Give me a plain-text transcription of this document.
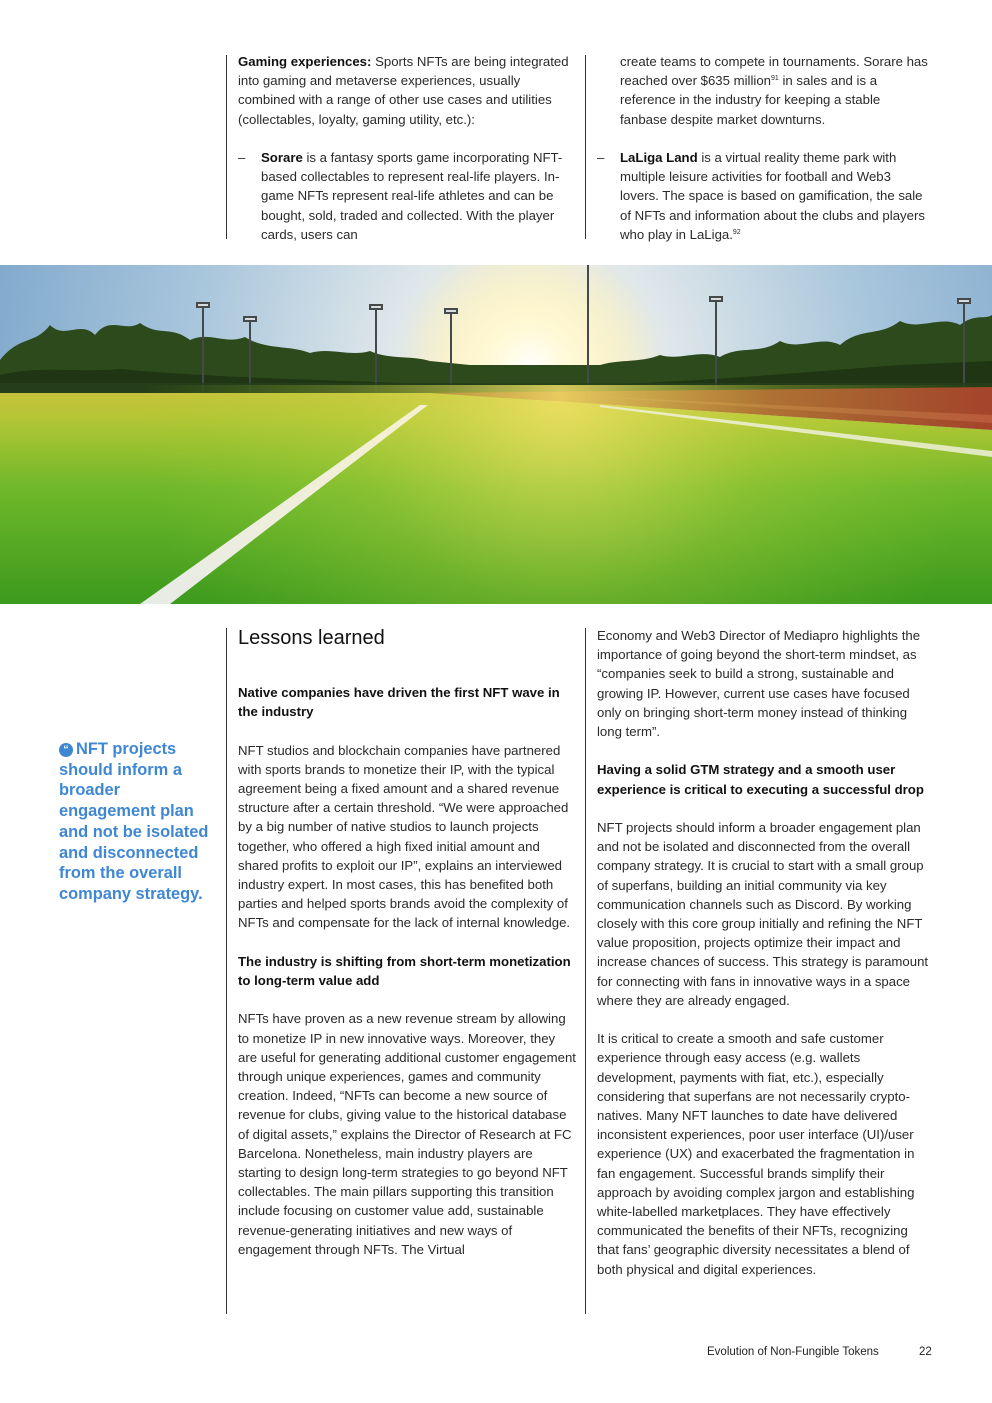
Gaming experiences: Sports NFTs are being integrated into gaming and metaverse experiences, usually combined with a range of other use cases and utilities (collectables, loyalty, gaming utility, etc.):

–	Sorare is a fantasy sports game incorporating NFT-based collectables to represent real-life players. In-game NFTs represent real-life athletes and can be bought, sold, traded and collected. With the player cards, users can

create teams to compete in tournaments. Sorare has reached over $635 million$^{91}$ in sales and is a reference in the industry for keeping a stable fanbase despite market downturns.

–	LaLiga Land is a virtual reality theme park with multiple leisure activities for football and Web3 lovers. The space is based on gamification, the sale of NFTs and information about the clubs and players who play in LaLiga.$^{92}$

“ NFT projects should inform a broader engagement plan and not be isolated and disconnected from the overall company strategy.

Lessons learned

Native companies have driven the first NFT wave in the industry

NFT studios and blockchain companies have partnered with sports brands to monetize their IP, with the typical agreement being a fixed amount and a shared revenue structure after a certain threshold. “We were approached by a big number of native studios to launch projects together, who offered a high fixed initial amount and shared profits to exploit our IP”, explains an interviewed industry expert. In most cases, this has benefited both parties and helped sports brands avoid the complexity of NFTs and compensate for the lack of internal knowledge.

The industry is shifting from short-term monetization to long-term value add

NFTs have proven as a new revenue stream by allowing to monetize IP in new innovative ways. Moreover, they are useful for generating additional customer engagement through unique experiences, games and community creation. Indeed, “NFTs can become a new source of revenue for clubs, giving value to the historical database of digital assets,” explains the Director of Research at FC Barcelona. Nonetheless, main industry players are starting to design long-term strategies to go beyond NFT collectables. The main pillars supporting this transition include focusing on customer value add, sustainable revenue-generating initiatives and new ways of engagement through NFTs. The Virtual

Economy and Web3 Director of Mediapro highlights the importance of going beyond the short-term mindset, as “companies seek to build a strong, sustainable and growing IP. However, current use cases have focused only on bringing short-term money instead of thinking long term”.

Having a solid GTM strategy and a smooth user experience is critical to executing a successful drop

NFT projects should inform a broader engagement plan and not be isolated and disconnected from the overall company strategy. It is crucial to start with a small group of superfans, building an initial community via key communication channels such as Discord. By working closely with this core group initially and refining the NFT value proposition, projects optimize their impact and increase chances of success. This strategy is paramount for connecting with fans in innovative ways in a space where they are already engaged.

It is critical to create a smooth and safe customer experience through easy access (e.g. wallets development, payments with fiat, etc.), especially considering that superfans are not necessarily crypto-natives. Many NFT launches to date have delivered inconsistent experiences, poor user interface (UI)/user experience (UX) and exacerbated the fragmentation in fan engagement. Successful brands simplify their approach by avoiding complex jargon and establishing white-labelled marketplaces. They have effectively communicated the benefits of their NFTs, recognizing that fans’ geographic diversity necessitates a blend of both physical and digital experiences.

Evolution of Non-Fungible Tokens	22
